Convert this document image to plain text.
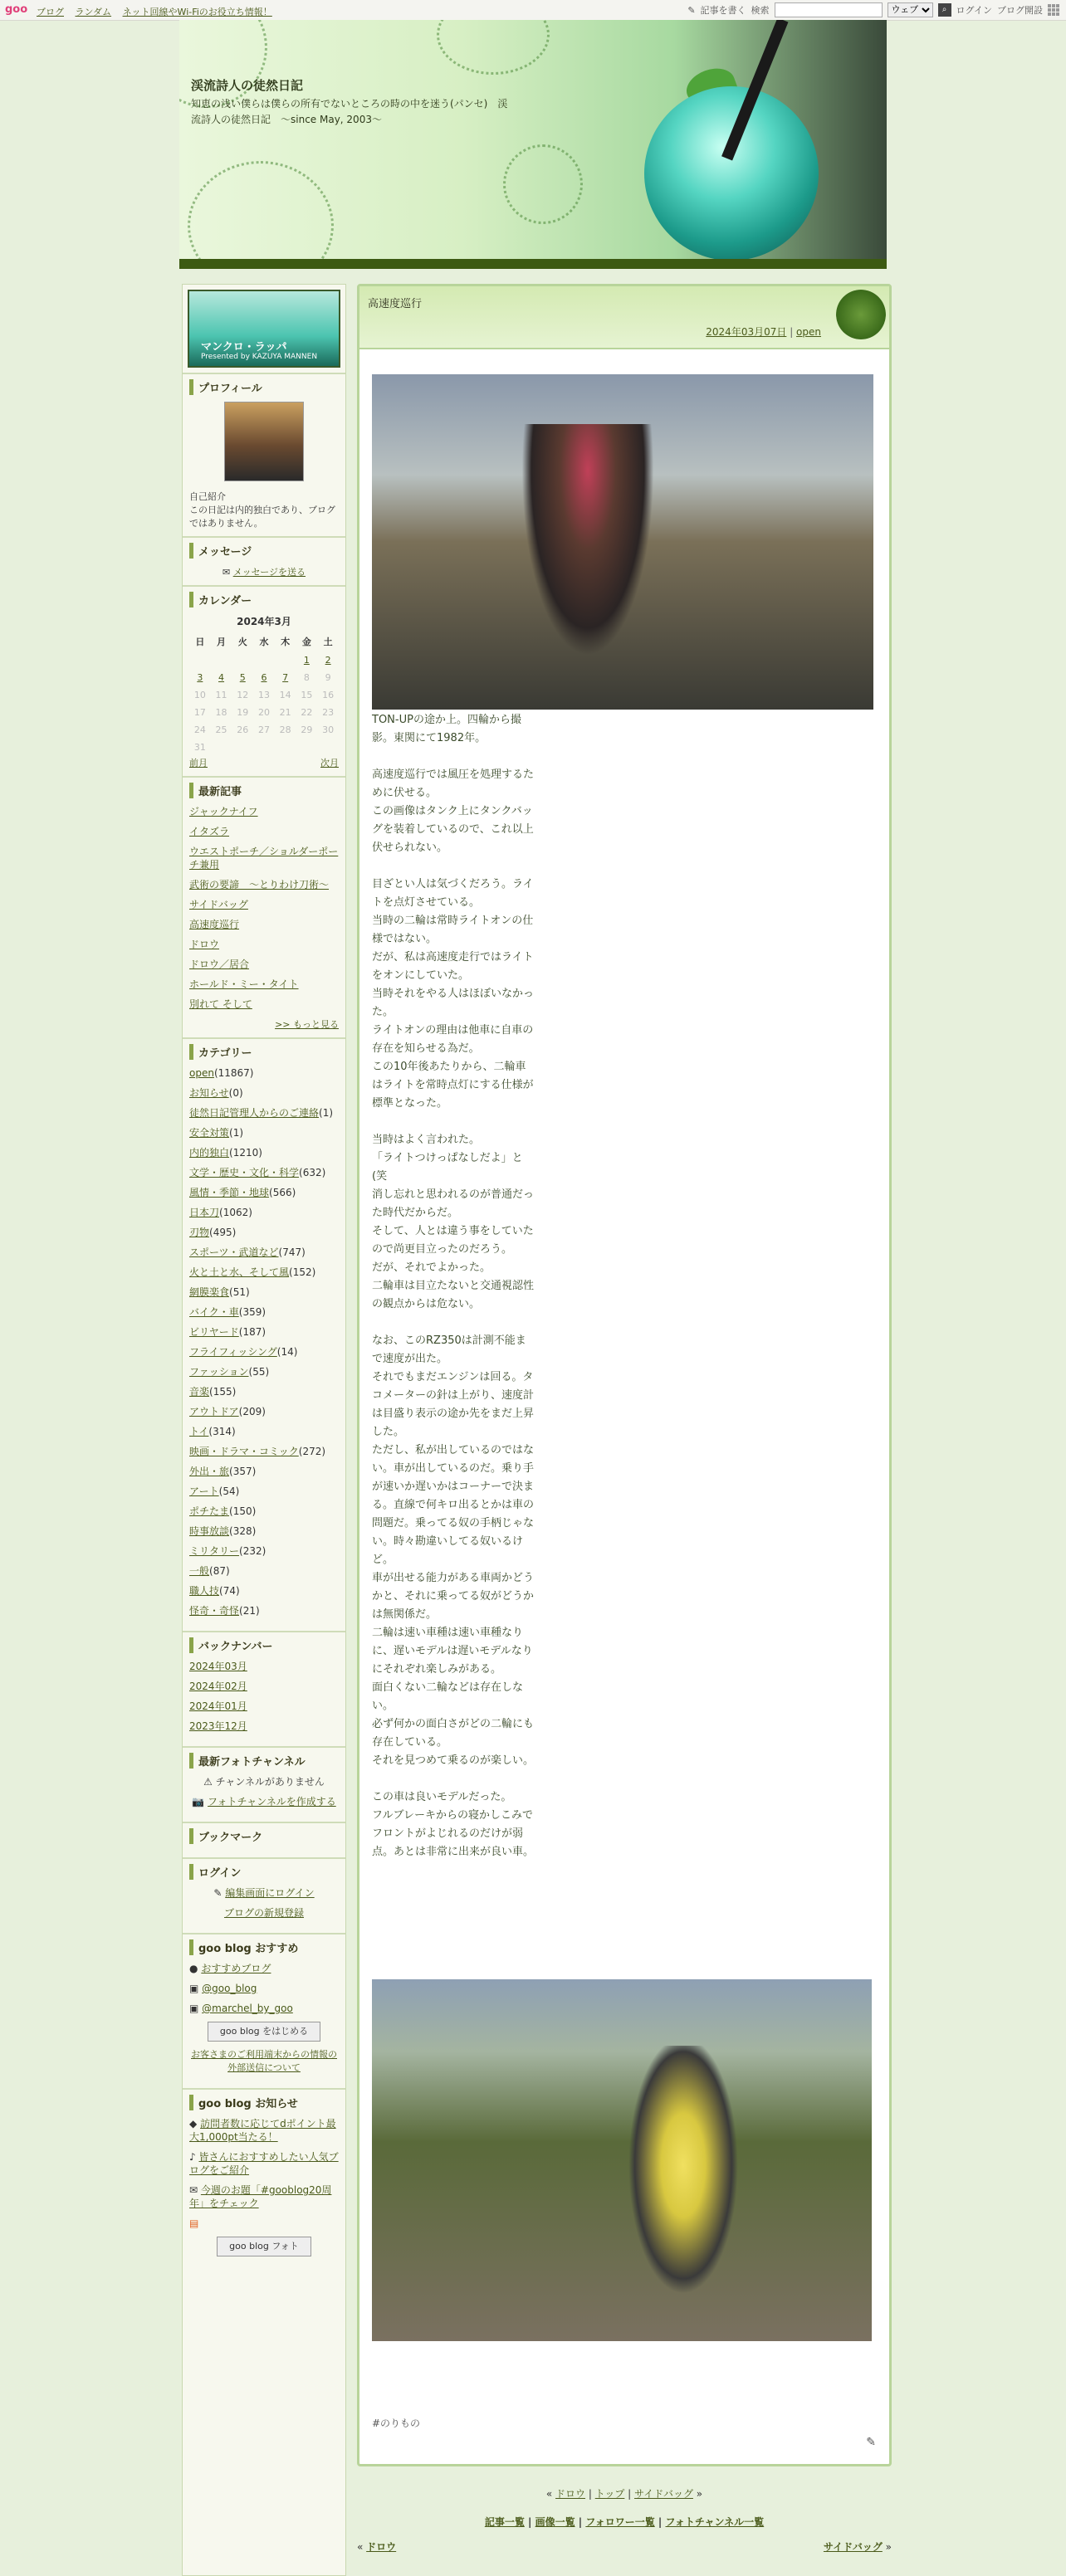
goo ブログ ランダム ネット回線やWi-Fiのお役立ち情報！	✎ 記事を書く 検索
ウェブ	⌕	ログイン ブログ開設
渓流詩人の徒然日記
知恵の浅い僕らは僕らの所有でないところの時の中を迷う(パンセ)　渓流詩人の徒然日記　～since May, 2003～
マンクロ・ラッパ
Presented by KAZUYA MANNEN
プロフィール
自己紹介
この日記は内的独白であり、ブログではありません。
メッセージ
✉ メッセージを送る
カレンダー
2024年3月
日	月	火	水	木	金	土
					1	2
3	4	5	6	7	8	9
10	11	12	13	14	15	16
17	18	19	20	21	22	23
24	25	26	27	28	29	30
31						
前月	次月
最新記事
ジャックナイフ
イタズラ
ウエストポーチ／ショルダーポーチ兼用
武術の要諦　～とりわけ刀術～
サイドバッグ
高速度巡行
ドロウ
ドロウ／居合
ホールド・ミー・タイト
別れて そして
>> もっと見る
カテゴリー
open(11867)
お知らせ(0)
徒然日記管理人からのご連絡(1)
安全対策(1)
内的独白(1210)
文学・歴史・文化・科学(632)
風情・季節・地球(566)
日本刀(1062)
刃物(495)
スポーツ・武道など(747)
火と土と水、そして風(152)
網膜楽食(51)
バイク・車(359)
ビリヤード(187)
フライフィッシング(14)
ファッション(55)
音楽(155)
アウトドア(209)
トイ(314)
映画・ドラマ・コミック(272)
外出・旅(357)
アート(54)
ポチたま(150)
時事放談(328)
ミリタリー(232)
一般(87)
職人技(74)
怪奇・奇怪(21)
バックナンバー
2024年03月
2024年02月
2024年01月
2023年12月
最新フォトチャンネル
⚠ チャンネルがありません
📷 フォトチャンネルを作成する
ブックマーク
ログイン
✎ 編集画面にログイン
ブログの新規登録
goo blog おすすめ
● おすすめブログ
▣ @goo_blog
▣ @marchel_by_goo
goo blog をはじめる
お客さまのご利用端末からの情報の外部送信について
goo blog お知らせ
◆ 訪問者数に応じてdポイント最大1,000pt当たる！
♪ 皆さんにおすすめしたい人気ブログをご紹介
✉ 今週のお題「#gooblog20周年」をチェック
▤
goo blog フォト
高速度巡行
2024年03月07日 | open
TON-UPの途か上。四輪から撮影。東関にて1982年。

高速度巡行では風圧を処理するために伏せる。
この画像はタンク上にタンクバッグを装着しているので、これ以上伏せられない。

目ざとい人は気づくだろう。ライトを点灯させている。
当時の二輪は常時ライトオンの仕様ではない。
だが、私は高速度走行ではライトをオンにしていた。
当時それをやる人はほぼいなかった。
ライトオンの理由は他車に自車の存在を知らせる為だ。
この10年後あたりから、二輪車はライトを常時点灯にする仕様が標準となった。

当時はよく言われた。
「ライトつけっぱなしだよ」と(笑
消し忘れと思われるのが普通だった時代だからだ。
そして、人とは違う事をしていたので尚更目立ったのだろう。
だが、それでよかった。
二輪車は目立たないと交通視認性の観点からは危ない。

なお、このRZ350は計測不能まで速度が出た。
それでもまだエンジンは回る。タコメーターの針は上がり、速度計は目盛り表示の途か先をまだ上昇した。
ただし、私が出しているのではない。車が出しているのだ。乗り手が速いか遅いかはコーナーで決まる。直線で何キロ出るとかは車の問題だ。乗ってる奴の手柄じゃない。時々勘違いしてる奴いるけど。
車が出せる能力がある車両かどうかと、それに乗ってる奴がどうかは無関係だ。
二輪は速い車種は速い車種なりに、遅いモデルは遅いモデルなりにそれぞれ楽しみがある。
面白くない二輪などは存在しない。
必ず何かの面白さがどの二輪にも存在している。
それを見つめて乗るのが楽しい。

この車は良いモデルだった。
フルブレーキからの寝かしこみでフロントがよじれるのだけが弱点。あとは非常に出来が良い車。
#のりもの
✎
« ドロウ | トップ | サイドバッグ »
記事一覧 | 画像一覧 | フォロワー一覧 | フォトチャンネル一覧
« ドロウ	サイドバッグ »
